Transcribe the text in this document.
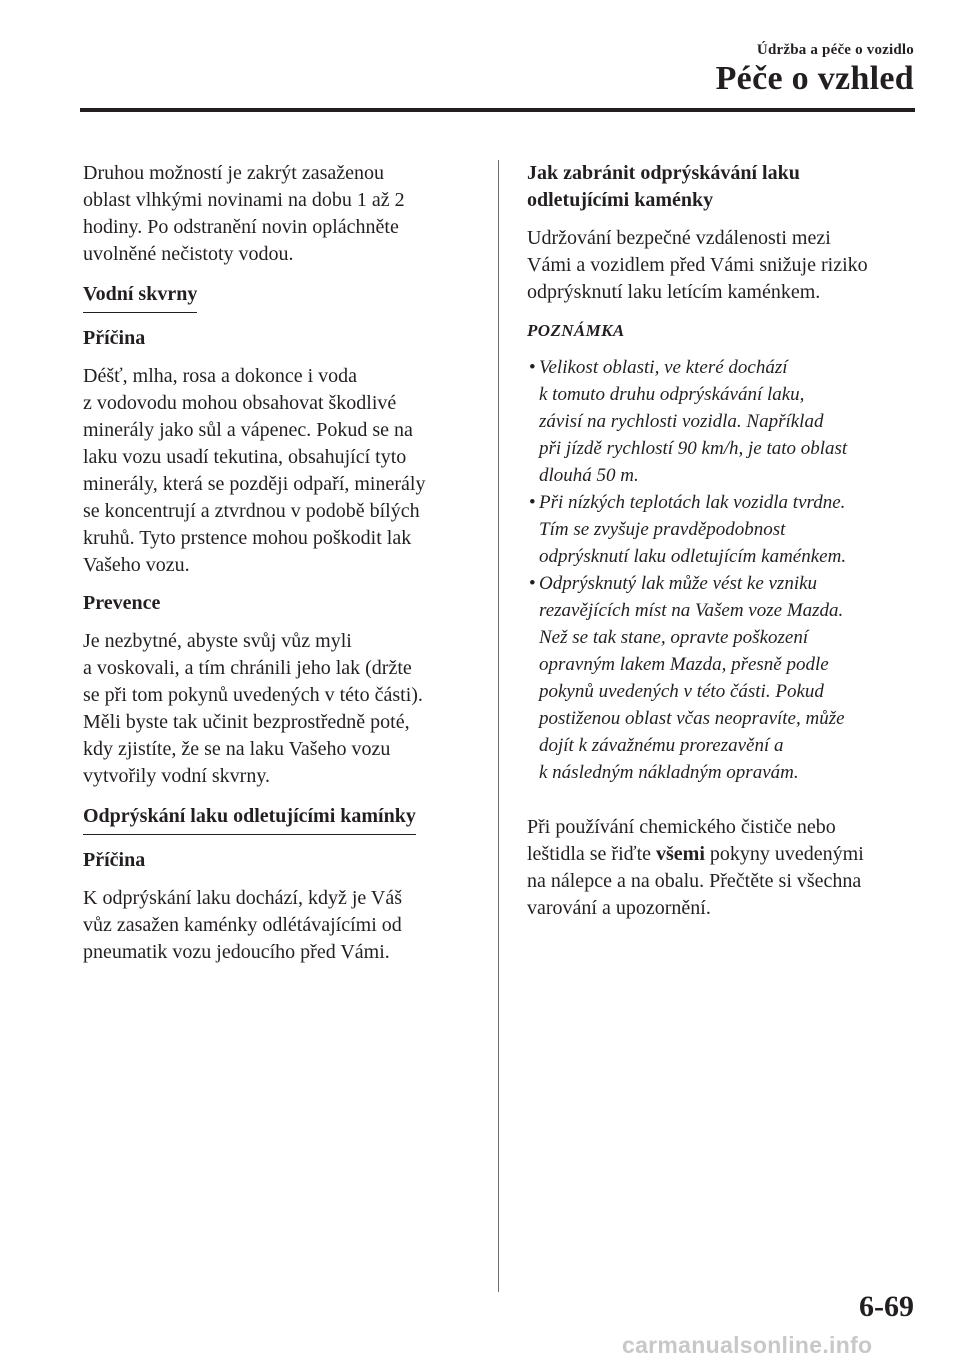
Údržba a péče o vozidlo
Péče o vzhled
Druhou možností je zakrýt zasaženou
oblast vlhkými novinami na dobu 1 až 2
hodiny. Po odstranění novin opláchněte
uvolněné nečistoty vodou.
Vodní skvrny
Příčina
Déšť, mlha, rosa a dokonce i voda
z vodovodu mohou obsahovat škodlivé
minerály jako sůl a vápenec. Pokud se na
laku vozu usadí tekutina, obsahující tyto
minerály, která se později odpaří, minerály
se koncentrují a ztvrdnou v podobě bílých
kruhů. Tyto prstence mohou poškodit lak
Vašeho vozu.
Prevence
Je nezbytné, abyste svůj vůz myli
a voskovali, a tím chránili jeho lak (držte
se při tom pokynů uvedených v této části).
Měli byste tak učinit bezprostředně poté,
kdy zjistíte, že se na laku Vašeho vozu
vytvořily vodní skvrny.
Odprýskání laku odletujícími kamínky
Příčina
K odprýskání laku dochází, když je Váš
vůz zasažen kaménky odlétávajícími od
pneumatik vozu jedoucího před Vámi.
Jak zabránit odprýskávání laku
odletujícími kaménky
Udržování bezpečné vzdálenosti mezi
Vámi a vozidlem před Vámi snižuje riziko
odprýsknutí laku letícím kaménkem.
POZNÁMKA
• Velikost oblasti, ve které dochází
k tomuto druhu odprýskávání laku,
závisí na rychlosti vozidla. Například
při jízdě rychlostí 90 km/h, je tato oblast
dlouhá 50 m.
• Při nízkých teplotách lak vozidla tvrdne.
Tím se zvyšuje pravděpodobnost
odprýsknutí laku odletujícím kaménkem.
• Odprýsknutý lak může vést ke vzniku
rezavějících míst na Vašem voze Mazda.
Než se tak stane, opravte poškození
opravným lakem Mazda, přesně podle
pokynů uvedených v této části. Pokud
postiženou oblast včas neopravíte, může
dojít k závažnému prorezavění a
k následným nákladným opravám.
Při používání chemického čističe nebo
leštidla se řiďte všemi pokyny uvedenými
na nálepce a na obalu. Přečtěte si všechna
varování a upozornění.
6-69
carmanualsonline.info
